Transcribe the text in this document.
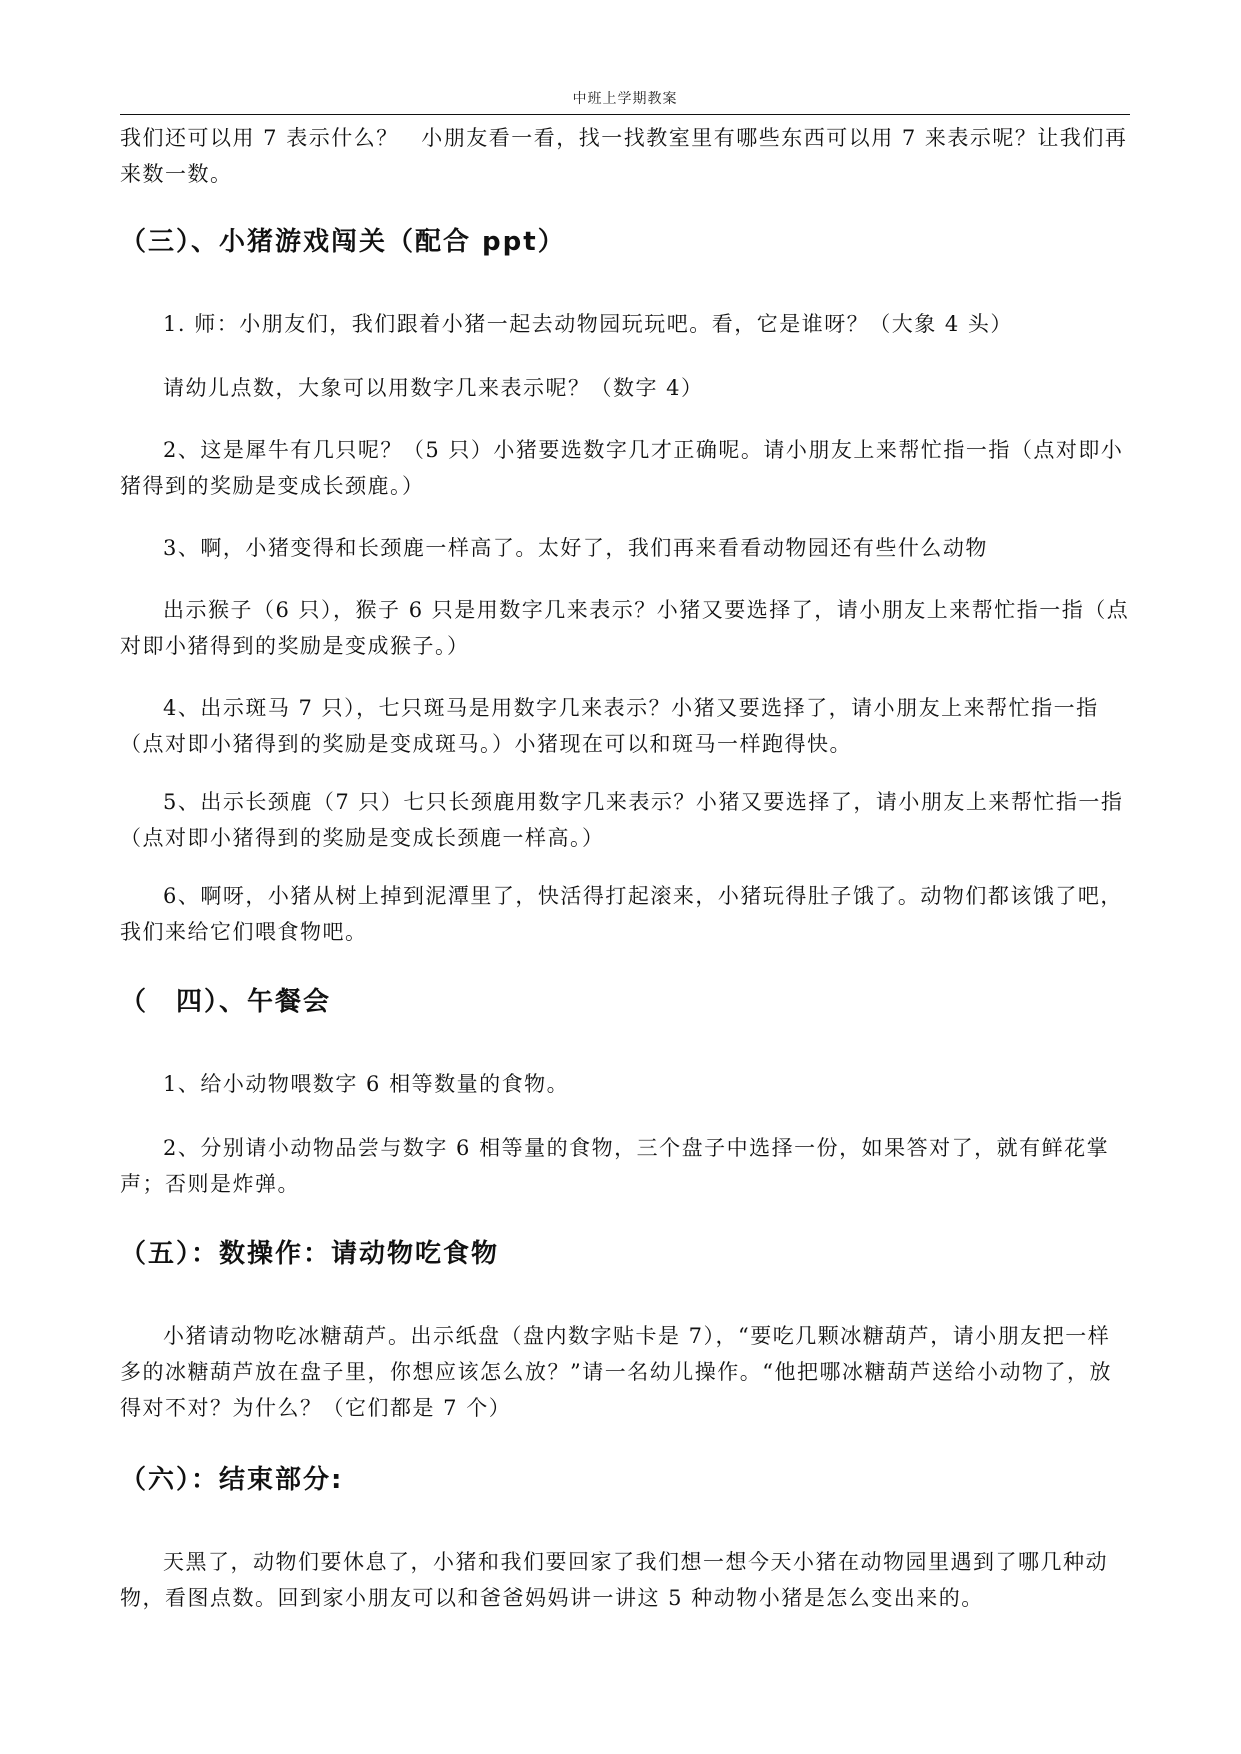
中班上学期教案

我们还可以用 7 表示什么？　小朋友看一看，找一找教室里有哪些东西可以用 7 来表示呢？让我们再来数一数。

（三）、小猪游戏闯关（配合 ppt）

1. 师：小朋友们，我们跟着小猪一起去动物园玩玩吧。看，它是谁呀？（大象 4 头）

请幼儿点数，大象可以用数字几来表示呢？（数字 4）

2、这是犀牛有几只呢？（5 只）小猪要选数字几才正确呢。请小朋友上来帮忙指一指（点对即小猪得到的奖励是变成长颈鹿。）

3、啊，小猪变得和长颈鹿一样高了。太好了，我们再来看看动物园还有些什么动物

出示猴子（6 只），猴子 6 只是用数字几来表示？小猪又要选择了，请小朋友上来帮忙指一指（点对即小猪得到的奖励是变成猴子。）

4、出示斑马 7 只），七只斑马是用数字几来表示？小猪又要选择了，请小朋友上来帮忙指一指（点对即小猪得到的奖励是变成斑马。）小猪现在可以和斑马一样跑得快。

5、出示长颈鹿（7 只）七只长颈鹿用数字几来表示？小猪又要选择了，请小朋友上来帮忙指一指（点对即小猪得到的奖励是变成长颈鹿一样高。）

6、啊呀，小猪从树上掉到泥潭里了，快活得打起滚来，小猪玩得肚子饿了。动物们都该饿了吧，我们来给它们喂食物吧。

（　四）、午餐会

1、给小动物喂数字 6 相等数量的食物。

2、分别请小动物品尝与数字 6 相等量的食物，三个盘子中选择一份，如果答对了，就有鲜花掌声；否则是炸弹。

（五）：数操作：请动物吃食物

小猪请动物吃冰糖葫芦。出示纸盘（盘内数字贴卡是 7），“要吃几颗冰糖葫芦，请小朋友把一样多的冰糖葫芦放在盘子里，你想应该怎么放？”请一名幼儿操作。“他把哪冰糖葫芦送给小动物了，放得对不对？为什么？（它们都是 7 个）

（六）：结束部分:

天黑了，动物们要休息了，小猪和我们要回家了我们想一想今天小猪在动物园里遇到了哪几种动物，看图点数。回到家小朋友可以和爸爸妈妈讲一讲这 5 种动物小猪是怎么变出来的。
